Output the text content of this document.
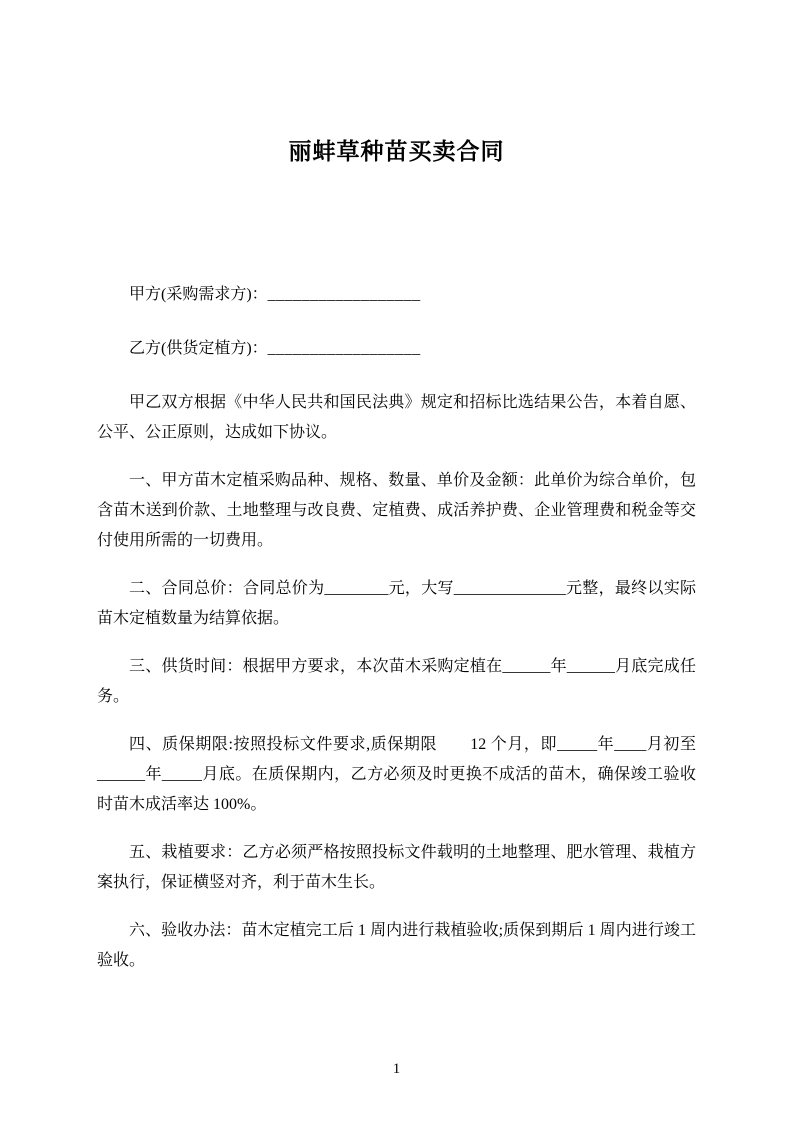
丽蚌草种苗买卖合同
甲方(采购需求方)：__________________
乙方(供货定植方)：__________________

甲乙双方根据《中华人民共和国民法典》规定和招标比选结果公告，本着自愿、公平、公正原则，达成如下协议。

一、甲方苗木定植采购品种、规格、数量、单价及金额：此单价为综合单价，包含苗木送到价款、土地整理与改良费、定植费、成活养护费、企业管理费和税金等交付使用所需的一切费用。

二、合同总价：合同总价为________元，大写______________元整，最终以实际苗木定植数量为结算依据。

三、供货时间：根据甲方要求，本次苗木采购定植在______年______月底完成任务。

四、质保期限:按照投标文件要求,质保期限　　12 个月，即_____年____月初至______年_____月底。在质保期内，乙方必须及时更换不成活的苗木，确保竣工验收时苗木成活率达 100%。

五、栽植要求：乙方必须严格按照投标文件载明的土地整理、肥水管理、栽植方案执行，保证横竖对齐，利于苗木生长。

六、验收办法：苗木定植完工后 1 周内进行栽植验收;质保到期后 1 周内进行竣工验收。

1
